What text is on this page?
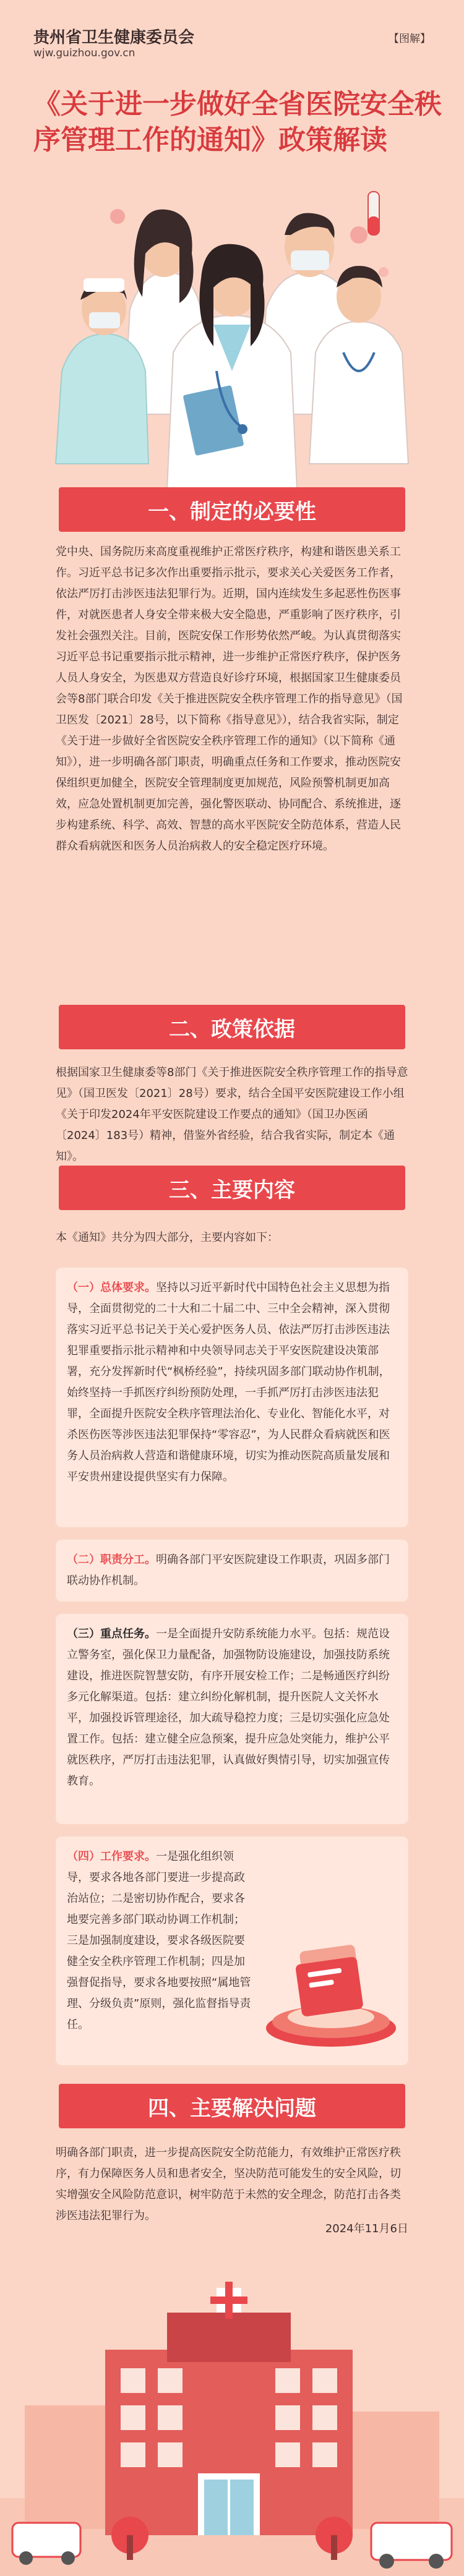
贵州省卫生健康委员会
wjw.guizhou.gov.cn
【图解】
《关于进一步做好全省医院安全秩序管理工作的通知》政策解读
一、制定的必要性

党中央、国务院历来高度重视维护正常医疗秩序，构建和谐医患关系工作。习近平总书记多次作出重要指示批示，要求关心关爱医务工作者，依法严厉打击涉医违法犯罪行为。近期，国内连续发生多起恶性伤医事件，对就医患者人身安全带来极大安全隐患，严重影响了医疗秩序，引发社会强烈关注。目前，医院安保工作形势依然严峻。为认真贯彻落实习近平总书记重要指示批示精神，进一步维护正常医疗秩序，保护医务人员人身安全，为医患双方营造良好诊疗环境，根据国家卫生健康委员会等8部门联合印发《关于推进医院安全秩序管理工作的指导意见》（国卫医发〔2021〕28号，以下简称《指导意见》），结合我省实际，制定《关于进一步做好全省医院安全秩序管理工作的通知》（以下简称《通知》），进一步明确各部门职责，明确重点任务和工作要求，推动医院安保组织更加健全，医院安全管理制度更加规范，风险预警机制更加高效，应急处置机制更加完善，强化警医联动、协同配合、系统推进，逐步构建系统、科学、高效、智慧的高水平医院安全防范体系，营造人民群众看病就医和医务人员治病救人的安全稳定医疗环境。

二、政策依据

根据国家卫生健康委等8部门《关于推进医院安全秩序管理工作的指导意见》（国卫医发〔2021〕28号）要求，结合全国平安医院建设工作小组《关于印发2024年平安医院建设工作要点的通知》（国卫办医函〔2024〕183号）精神，借鉴外省经验，结合我省实际，制定本《通知》。

三、主要内容

本《通知》共分为四大部分，主要内容如下：

（一）总体要求。坚持以习近平新时代中国特色社会主义思想为指导，全面贯彻党的二十大和二十届二中、三中全会精神，深入贯彻落实习近平总书记关于关心爱护医务人员、依法严厉打击涉医违法犯罪重要指示批示精神和中央领导同志关于平安医院建设决策部署，充分发挥新时代“枫桥经验”，持续巩固多部门联动协作机制，始终坚持一手抓医疗纠纷预防处理，一手抓严厉打击涉医违法犯罪，全面提升医院安全秩序管理法治化、专业化、智能化水平，对杀医伤医等涉医违法犯罪保持“零容忍”，为人民群众看病就医和医务人员治病救人营造和谐健康环境，切实为推动医院高质量发展和平安贵州建设提供坚实有力保障。
（二）职责分工。明确各部门平安医院建设工作职责，巩固多部门联动协作机制。
（三）重点任务。一是全面提升安防系统能力水平。包括：规范设立警务室，强化保卫力量配备，加强物防设施建设，加强技防系统建设，推进医院智慧安防，有序开展安检工作；二是畅通医疗纠纷多元化解渠道。包括：建立纠纷化解机制，提升医院人文关怀水平，加强投诉管理途径，加大疏导稳控力度；三是切实强化应急处置工作。包括：建立健全应急预案，提升应急处突能力，维护公平就医秩序，严厉打击违法犯罪，认真做好舆情引导，切实加强宣传教育。
（四）工作要求。一是强化组织领导，要求各地各部门要进一步提高政治站位；二是密切协作配合，要求各地要完善多部门联动协调工作机制；三是加强制度建设，要求各级医院要健全安全秩序管理工作机制；四是加强督促指导，要求各地要按照“属地管理、分级负责”原则，强化监督指导责任。
四、主要解决问题

明确各部门职责，进一步提高医院安全防范能力，有效维护正常医疗秩序，有力保障医务人员和患者安全，坚决防范可能发生的安全风险，切实增强安全风险防范意识，树牢防范于未然的安全理念，防范打击各类涉医违法犯罪行为。

2024年11月6日
